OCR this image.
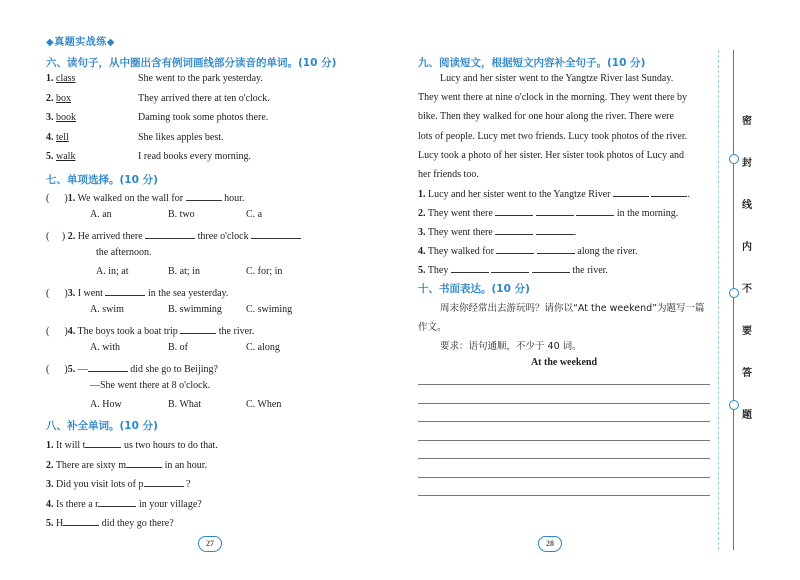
◆真题实战练◆
六、读句子，从中圈出含有例词画线部分读音的单词。(10 分)
1. class	She went to the park yesterday.
2. box	They arrived there at ten o'clock.
3. book	Daming took some photos there.
4. tell	She likes apples best.
5. walk	I read books every morning.
七、单项选择。(10 分)
( )1. We walked on the wall for	hour.
A. an	B. two	C. a
( ) 2. He arrived there	three o'clock
the afternoon.
A. in; at	B. at; in	C. for; in
( )3. I went	in the sea yesterday.
A. swim	B. swimming C. swiming
( )4. The boys took a boat trip	the river.
A. with	B. of	C. along
( )5. —	did she go to Beijing?
—She went there at 8 o'clock.
A. How	B. What	C. When
八、补全单词。(10 分)
1. It will t	us two hours to do that.
2. There are sixty m	in an hour.
3. Did you visit lots of p	?
4. Is there a r	in your village?
5. H	did they go there?
九、阅读短文，根据短文内容补全句子。(10 分)
Lucy and her sister went to the Yangtze River last Sunday.
They went there at nine o'clock in the morning. They went there by
bike. Then they walked for one hour along the river. There were
lots of people. Lucy met two friends. Lucy took photos of the river.
Lucy took a photo of her sister. Her sister took photos of Lucy and
her friends too.
1. Lucy and her sister went to the Yangtze River	.
2. They went there	in the morning.
3. They went there	.
4. They walked for	along the river.
5. They	the river.
十、书面表达。(10 分)
周末你经常出去游玩吗？请你以“At the weekend”为题写一篇
作文。
要求：语句通顺，不少于 40 词。
At the weekend
27	28
密
封
线
内
不
要
答
题
